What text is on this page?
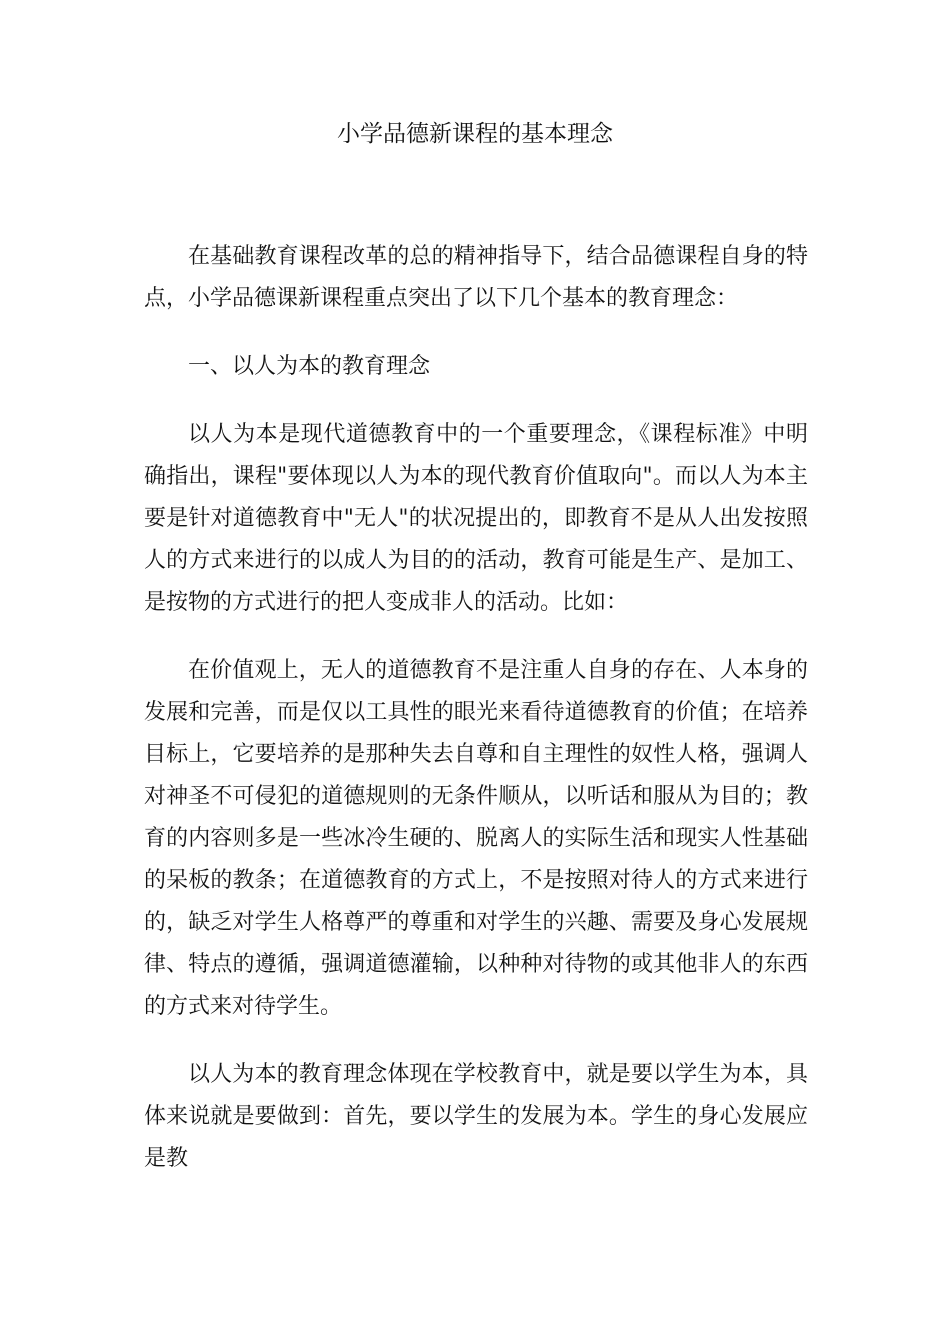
小学品德新课程的基本理念

在基础教育课程改革的总的精神指导下，结合品德课程自身的特点，小学品德课新课程重点突出了以下几个基本的教育理念：

一、以人为本的教育理念

以人为本是现代道德教育中的一个重要理念，《课程标准》中明确指出，课程"要体现以人为本的现代教育价值取向"。而以人为本主要是针对道德教育中"无人"的状况提出的，即教育不是从人出发按照人的方式来进行的以成人为目的的活动，教育可能是生产、是加工、是按物的方式进行的把人变成非人的活动。比如：

在价值观上，无人的道德教育不是注重人自身的存在、人本身的发展和完善，而是仅以工具性的眼光来看待道德教育的价值；在培养目标上，它要培养的是那种失去自尊和自主理性的奴性人格，强调人对神圣不可侵犯的道德规则的无条件顺从，以听话和服从为目的；教育的内容则多是一些冰冷生硬的、脱离人的实际生活和现实人性基础的呆板的教条；在道德教育的方式上，不是按照对待人的方式来进行的，缺乏对学生人格尊严的尊重和对学生的兴趣、需要及身心发展规律、特点的遵循，强调道德灌输，以种种对待物的或其他非人的东西的方式来对待学生。

以人为本的教育理念体现在学校教育中，就是要以学生为本，具体来说就是要做到：首先，要以学生的发展为本。学生的身心发展应是教
